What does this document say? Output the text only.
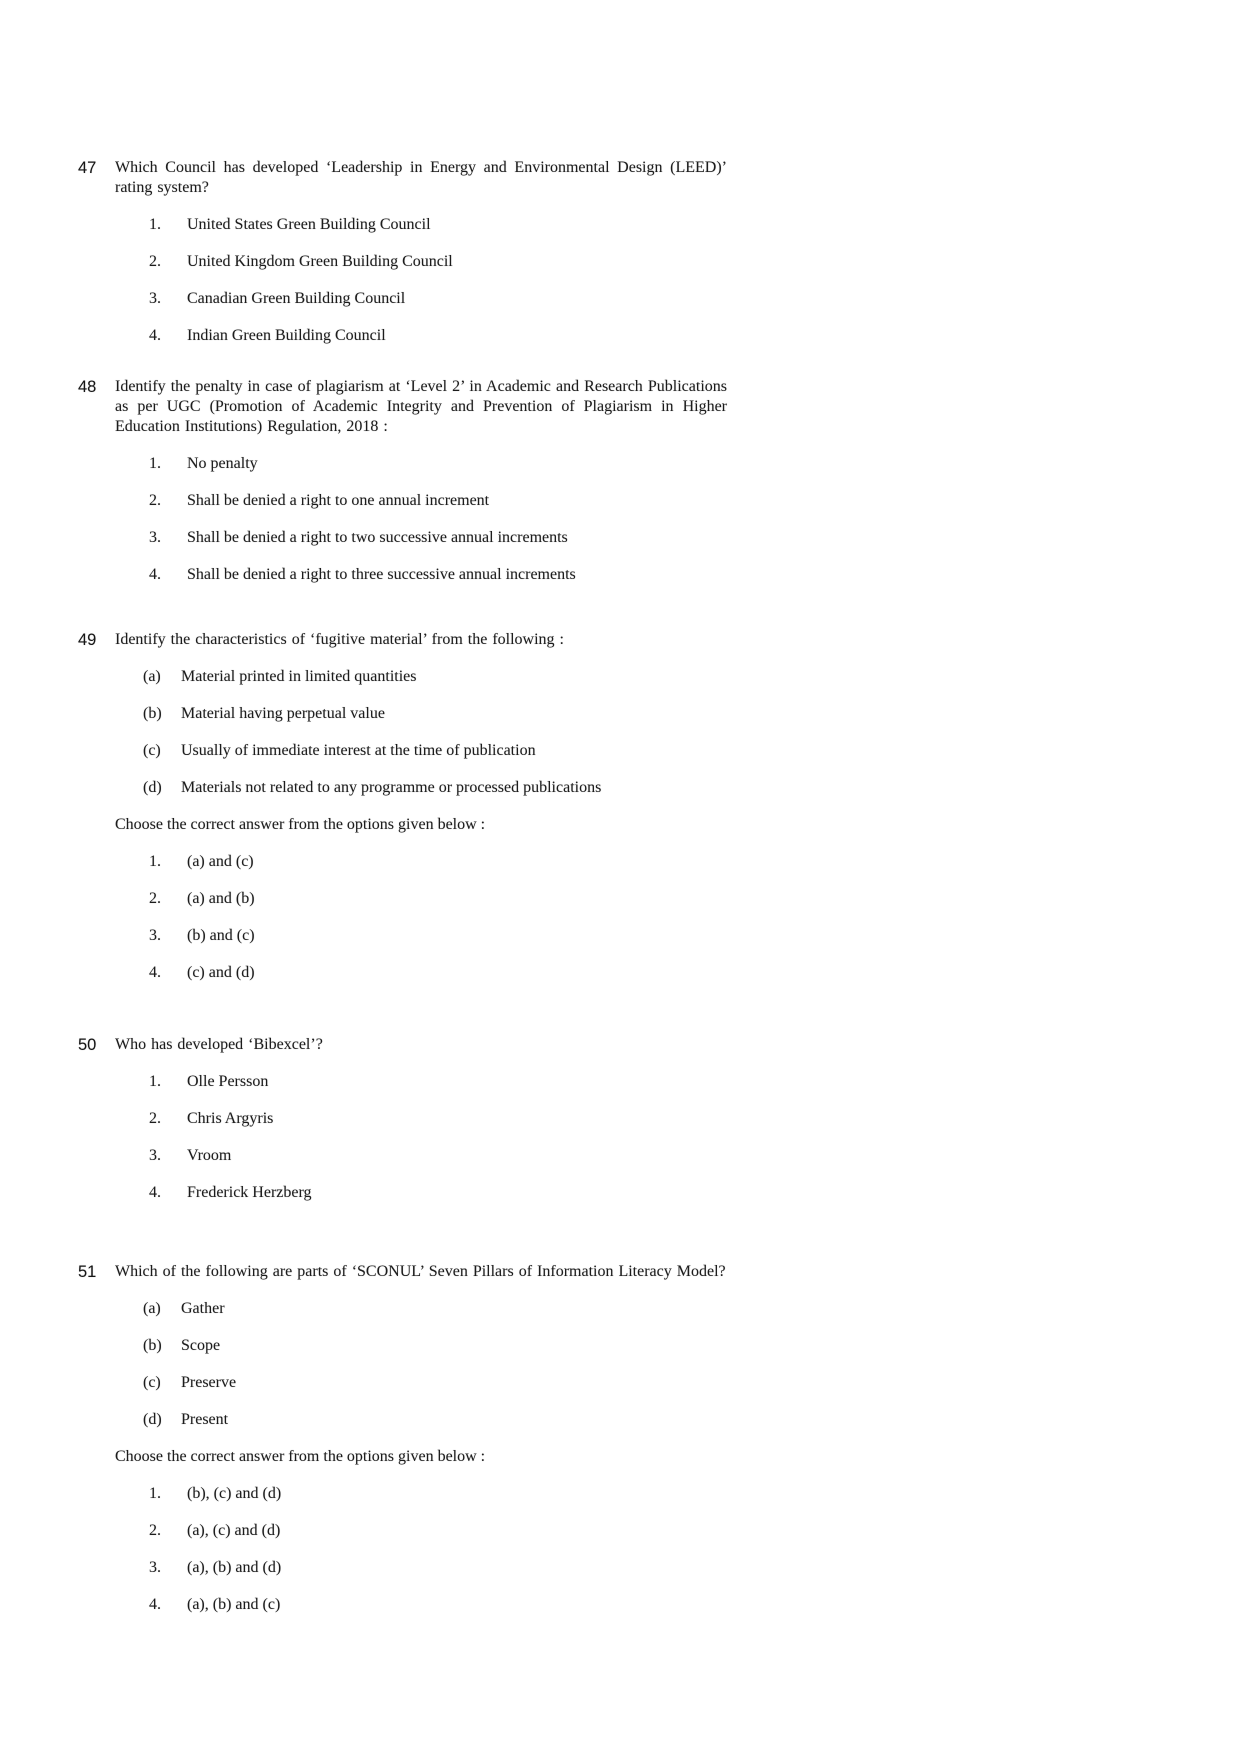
47	Which Council has developed ‘Leadership in Energy and Environmental Design (LEED)’ rating system?

1.	United States Green Building Council
2.	United Kingdom Green Building Council
3.	Canadian Green Building Council
4.	Indian Green Building Council
48	Identify the penalty in case of plagiarism at ‘Level 2’ in Academic and Research Publications as per UGC (Promotion of Academic Integrity and Prevention of Plagiarism in Higher Education Institutions) Regulation, 2018 :

1.	No penalty
2.	Shall be denied a right to one annual increment
3.	Shall be denied a right to two successive annual increments
4.	Shall be denied a right to three successive annual increments
49	Identify the characteristics of ‘fugitive material’ from the following :

(a)	Material printed in limited quantities
(b)	Material having perpetual value
(c)	Usually of immediate interest at the time of publication
(d)	Materials not related to any programme or processed publications

Choose the correct answer from the options given below :

1.	(a) and (c)
2.	(a) and (b)
3.	(b) and (c)
4.	(c) and (d)
50	Who has developed ‘Bibexcel’?

1.	Olle Persson
2.	Chris Argyris
3.	Vroom
4.	Frederick Herzberg
51	Which of the following are parts of ‘SCONUL’ Seven Pillars of Information Literacy Model?

(a)	Gather
(b)	Scope
(c)	Preserve
(d)	Present

Choose the correct answer from the options given below :

1.	(b), (c) and (d)
2.	(a), (c) and (d)
3.	(a), (b) and (d)
4.	(a), (b) and (c)
